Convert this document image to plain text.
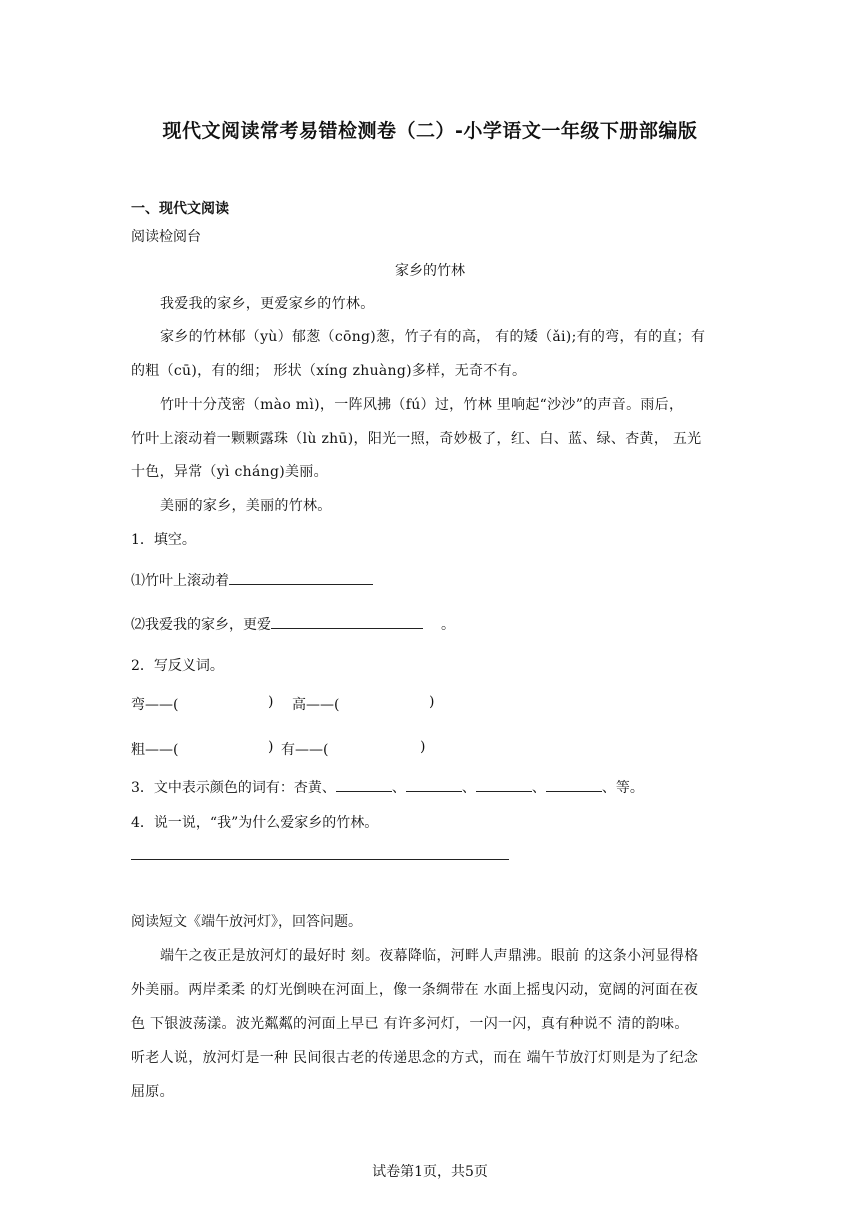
现代文阅读常考易错检测卷（二）-小学语文一年级下册部编版
一、现代文阅读
阅读检阅台
家乡的竹林
我爱我的家乡，更爱家乡的竹林。
家乡的竹林郁（yù）郁葱（cōng)葱，竹子有的高， 有的矮（ǎi);有的弯，有的直；有
的粗（cū)，有的细； 形状（xíng zhuàng)多样，无奇不有。
竹叶十分茂密（mào mì)，一阵风拂（fú）过，竹林 里响起“沙沙”的声音。雨后，
竹叶上滚动着一颗颗露珠（lù zhū)，阳光一照，奇妙极了，红、白、蓝、绿、杏黄， 五光
十色，异常（yì cháng)美丽。
美丽的家乡，美丽的竹林。
1．填空。
⑴竹叶上滚动着
⑵我爱我的家乡，更爱	。
2．写反义词。
弯——(	) 高——(	)
粗——(	) 有——(	)
3．文中表示颜色的词有：杏黄、	、	、	、	、等。
4．说一说，“我”为什么爱家乡的竹林。
阅读短文《端午放河灯》，回答问题。
端午之夜正是放河灯的最好时 刻。夜幕降临，河畔人声鼎沸。眼前 的这条小河显得格
外美丽。两岸柔柔 的灯光倒映在河面上，像一条绸带在 水面上摇曳闪动，宽阔的河面在夜
色 下银波荡漾。波光粼粼的河面上早已 有许多河灯，一闪一闪，真有种说不 清的韵味。
听老人说，放河灯是一种 民间很古老的传递思念的方式，而在 端午节放汀灯则是为了纪念
屈原。
试卷第1页，共5页
